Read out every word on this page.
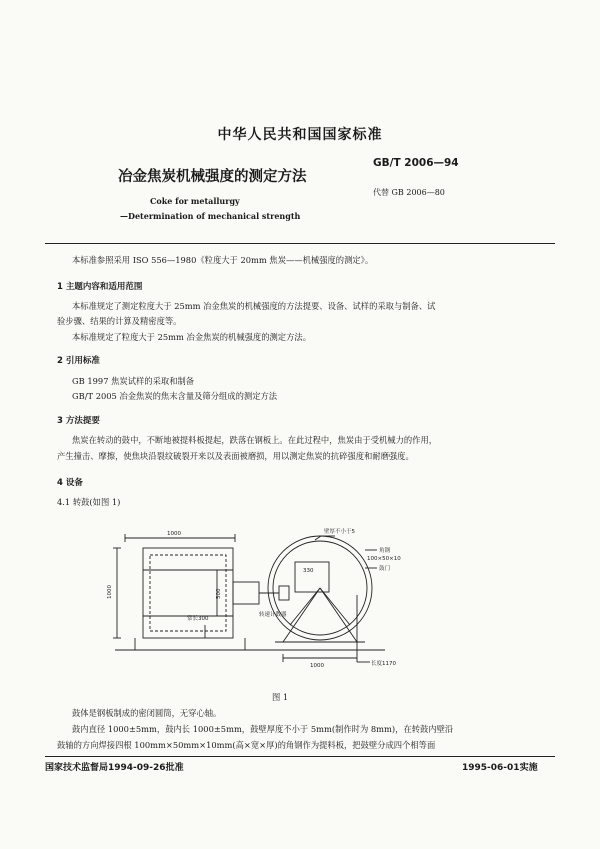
中华人民共和国国家标准
冶金焦炭机械强度的测定方法
GB/T 2006—94
代替 GB 2006—80
Coke for metallurgy
—Determination of mechanical strength
本标准参照采用 ISO 556—1980《粒度大于 20mm 焦炭——机械强度的测定》。
1 主题内容和适用范围
本标准规定了测定粒度大于 25mm 冶金焦炭的机械强度的方法提要、设备、试样的采取与制备、试
验步骤、结果的计算及精密度等。
本标准规定了粒度大于 25mm 冶金焦炭的机械强度的测定方法。
2 引用标准
GB 1997 焦炭试样的采取和制备
GB/T 2005 冶金焦炭的焦末含量及筛分组成的测定方法
3 方法提要
焦炭在转动的鼓中，不断地被提料板提起，跌落在钢板上。在此过程中，焦炭由于受机械力的作用，
产生撞击、摩擦，使焦块沿裂纹破裂开来以及表面被磨损，用以测定焦炭的抗碎强度和耐磨强度。
4 设备
4.1 转鼓(如图 1)
1000
1000	500
常长300
转速计数器
壁厚不小于5
角钢
100×50×10
鼓门
330
1000	长度1170
图 1
鼓体是钢板制成的密闭圆筒，无穿心轴。
鼓内直径 1000±5mm，鼓内长 1000±5mm，鼓壁厚度不小于 5mm(制作时为 8mm)，在转鼓内壁沿
鼓轴的方向焊接四根 100mm×50mm×10mm(高×宽×厚)的角钢作为提料板，把鼓壁分成四个相等面
国家技术监督局1994-09-26批准	1995-06-01实施
